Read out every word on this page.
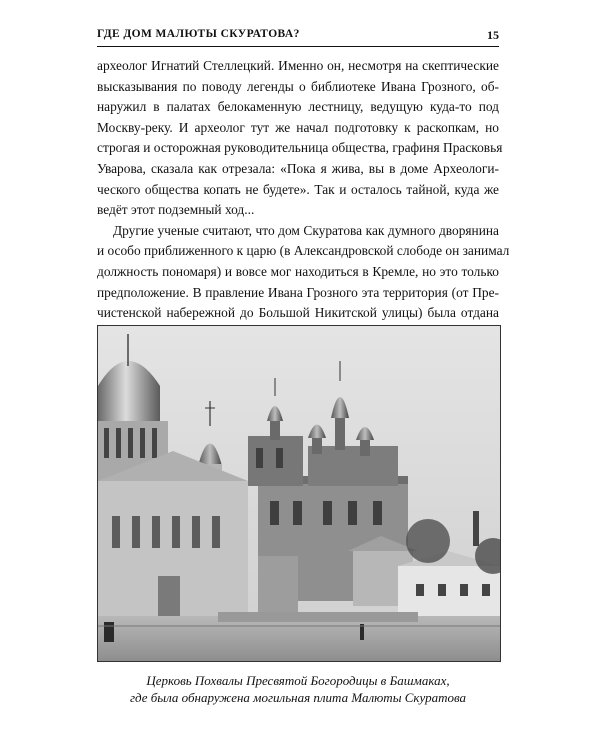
ГДЕ ДОМ МАЛЮТЫ СКУРАТОВА?	15

археолог Игнатий Стеллецкий. Именно он, несмотря на скептические
высказывания по поводу легенды о библиотеке Ивана Грозного, об-
наружил в палатах белокаменную лестницу, ведущую куда-то под
Москву-реку. И археолог тут же начал подготовку к раскопкам, но
строгая и осторожная руководительница общества, графиня Прасковья
Уварова, сказала как отрезала: «Пока я жива, вы в доме Археологи-
ческого общества копать не будете». Так и осталось тайной, куда же
ведёт этот подземный ход...

Другие ученые считают, что дом Скуратова как думного дворянина
и особо приближенного к царю (в Александровской слободе он занимал
должность пономаря) и вовсе мог находиться в Кремле, но это только
предположение. В правление Ивана Грозного эта территория (от Пре-
чистенской набережной до Большой Никитской улицы) была отдана

Церковь Похвалы Пресвятой Богородицы в Башмаках,
где была обнаружена могильная плита Малюты Скуратова
